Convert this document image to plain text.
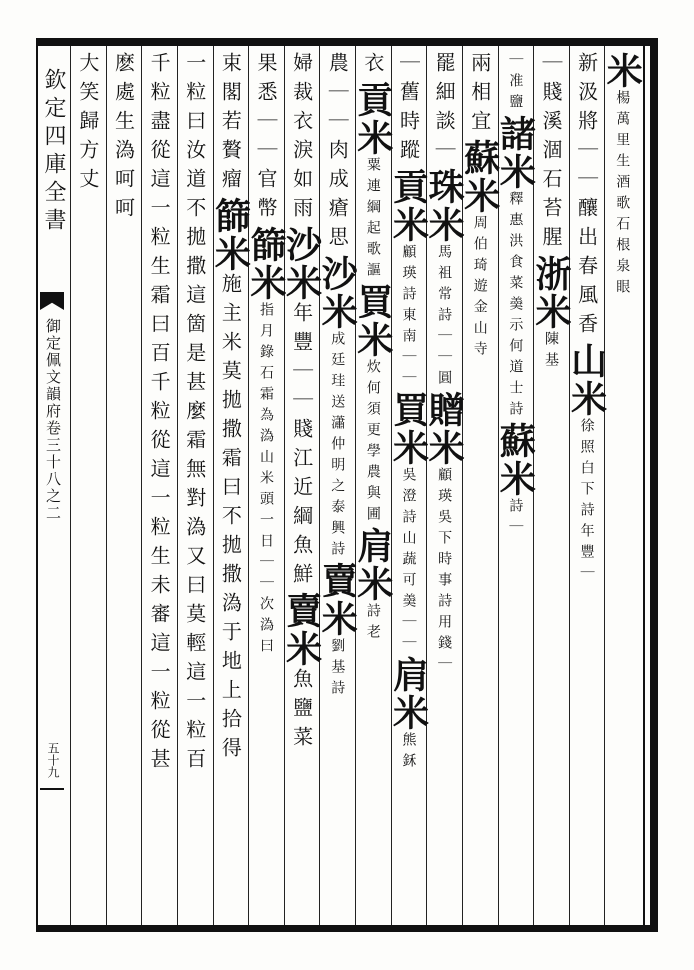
欽定四庫全書
御定佩文韻府卷三十八之二
五十九
米楊萬里生酒歌石根泉眼
新汲將｜｜釀出春風香山米徐照白下詩年豐｜
｜賤溪涸石苔腥浙米陳基
｜准鹽諸米釋惠洪食菜羮示何道士詩蘇米詩｜
兩相宜蘇米周伯琦遊金山寺
罷細談｜珠米馬祖常詩｜｜圓贈米顧瑛吳下時事詩用錢｜
｜舊時蹤貢米顧瑛詩東南｜｜買米吳澄詩山蔬可羮｜｜肩米熊鉌
衣貢米粟連綱起歌謳買米炊何須更學農與圃肩米詩老
農｜｜肉成瘡思沙米成廷珪送瀟仲明之泰興詩賣米劉基詩
婦裁衣淚如雨沙米年豐｜｜賤江近綱魚鮮賣米魚鹽菜
果悉｜｜官幣篩米指月錄石霜為溈山米頭一日｜｜次溈曰
束閣若贅瘤篩米施主米莫拋撒霜曰不拋撒溈于地上拾得
一粒曰汝道不拋撒這箇是甚麼霜無對溈又曰莫輕這一粒百
千粒盡從這一粒生霜曰百千粒從這一粒生未審這一粒從甚
麽處生溈呵呵
大笑歸方丈
